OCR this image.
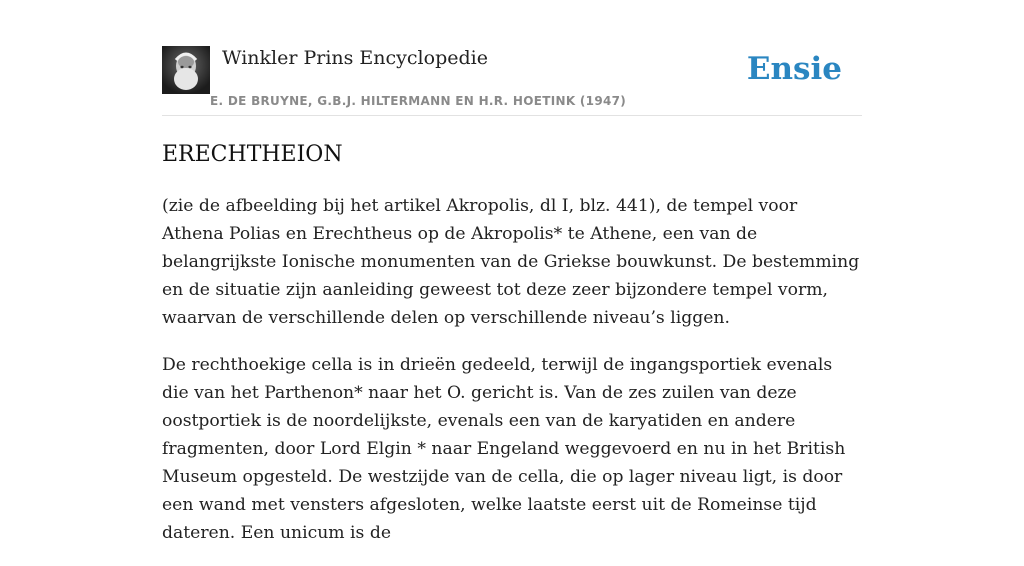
Winkler Prins Encyclopedie
E. DE BRUYNE, G.B.J. HILTERMANN EN H.R. HOETINK (1947)
Ensie
ERECHTHEION

(zie de afbeelding bij het artikel Akropolis, dl I, blz. 441), de tempel voor Athena Polias en Erechtheus op de Akropolis* te Athene, een van de belangrijkste Ionische monumenten van de Griekse bouwkunst. De bestemming en de situatie zijn aanleiding geweest tot deze zeer bijzondere tempel vorm, waarvan de verschillende delen op verschillende niveau’s liggen.

De rechthoekige cella is in drieën gedeeld, terwijl de ingangsportiek evenals die van het Parthenon* naar het O. gericht is. Van de zes zuilen van deze oostportiek is de noordelijkste, evenals een van de karyatiden en andere fragmenten, door Lord Elgin * naar Engeland weggevoerd en nu in het British Museum opgesteld. De westzijde van de cella, die op lager niveau ligt, is door een wand met vensters afgesloten, welke laatste eerst uit de Romeinse tijd dateren. Een unicum is de
